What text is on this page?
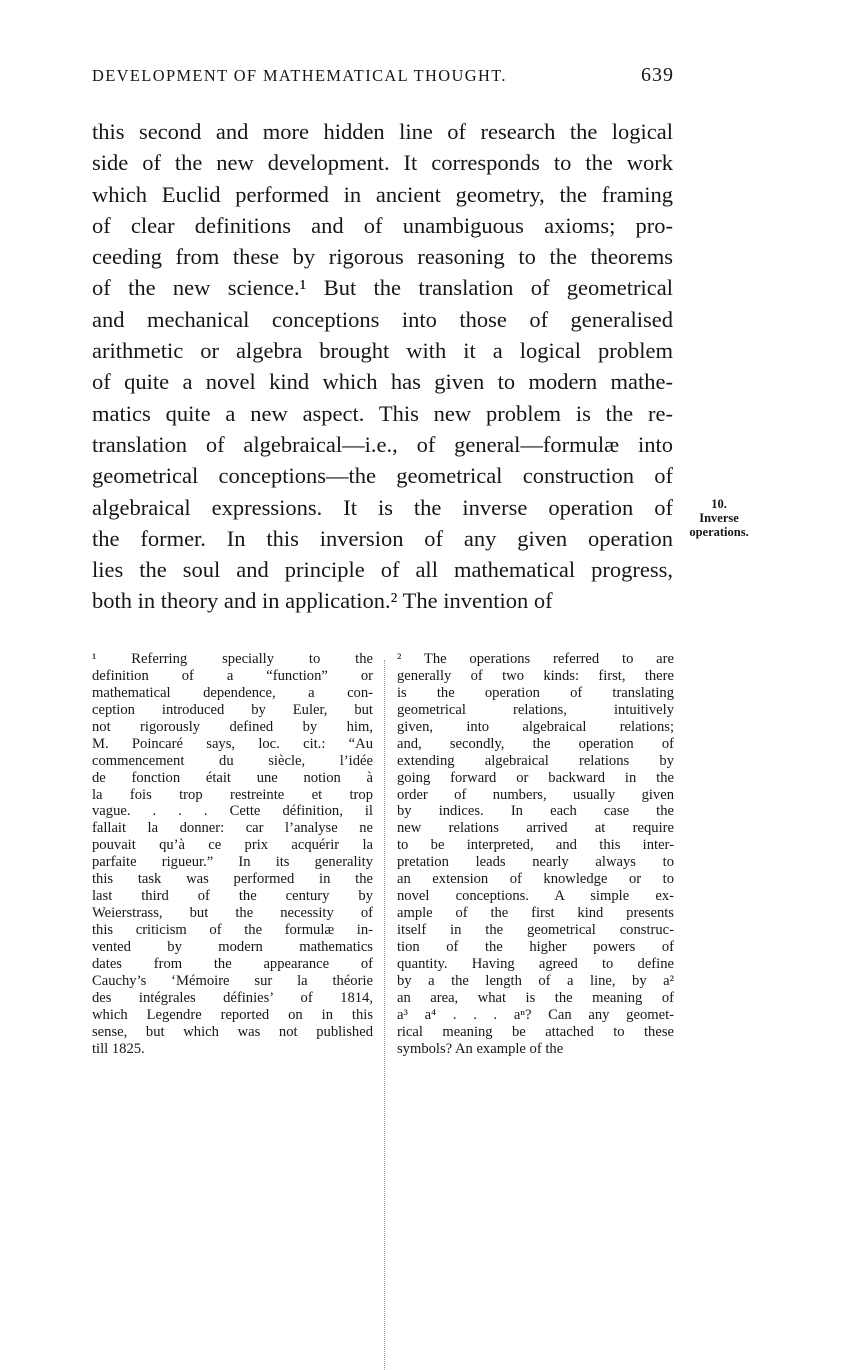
DEVELOPMENT OF MATHEMATICAL THOUGHT.	639
this second and more hidden line of research the logical
side of the new development. It corresponds to the work
which Euclid performed in ancient geometry, the framing
of clear definitions and of unambiguous axioms; pro-
ceeding from these by rigorous reasoning to the theorems
of the new science.¹ But the translation of geometrical
and mechanical conceptions into those of generalised
arithmetic or algebra brought with it a logical problem
of quite a novel kind which has given to modern mathe-
matics quite a new aspect. This new problem is the re-
translation of algebraical—i.e., of general—formulæ into
geometrical conceptions—the geometrical construction of
algebraical expressions. It is the inverse operation of
the former. In this inversion of any given operation
lies the soul and principle of all mathematical progress,
both in theory and in application.² The invention of
10.
Inverse
operations.
¹ Referring specially to the
definition of a “function” or
mathematical dependence, a con-
ception introduced by Euler, but
not rigorously defined by him,
M. Poincaré says, loc. cit.: “Au
commencement du siècle, l’idée
de fonction était une notion à
la fois trop restreinte et trop
vague. . . . Cette définition, il
fallait la donner: car l’analyse ne
pouvait qu’à ce prix acquérir la
parfaite rigueur.” In its generality
this task was performed in the
last third of the century by
Weierstrass, but the necessity of
this criticism of the formulæ in-
vented by modern mathematics
dates from the appearance of
Cauchy’s ‘Mémoire sur la théorie
des intégrales définies’ of 1814,
which Legendre reported on in this
sense, but which was not published
till 1825.
² The operations referred to are
generally of two kinds: first, there
is the operation of translating
geometrical relations, intuitively
given, into algebraical relations;
and, secondly, the operation of
extending algebraical relations by
going forward or backward in the
order of numbers, usually given
by indices. In each case the
new relations arrived at require
to be interpreted, and this inter-
pretation leads nearly always to
an extension of knowledge or to
novel conceptions. A simple ex-
ample of the first kind presents
itself in the geometrical construc-
tion of the higher powers of
quantity. Having agreed to define
by a the length of a line, by a²
an area, what is the meaning of
a³ a⁴ . . . aⁿ? Can any geomet-
rical meaning be attached to these
symbols? An example of the
